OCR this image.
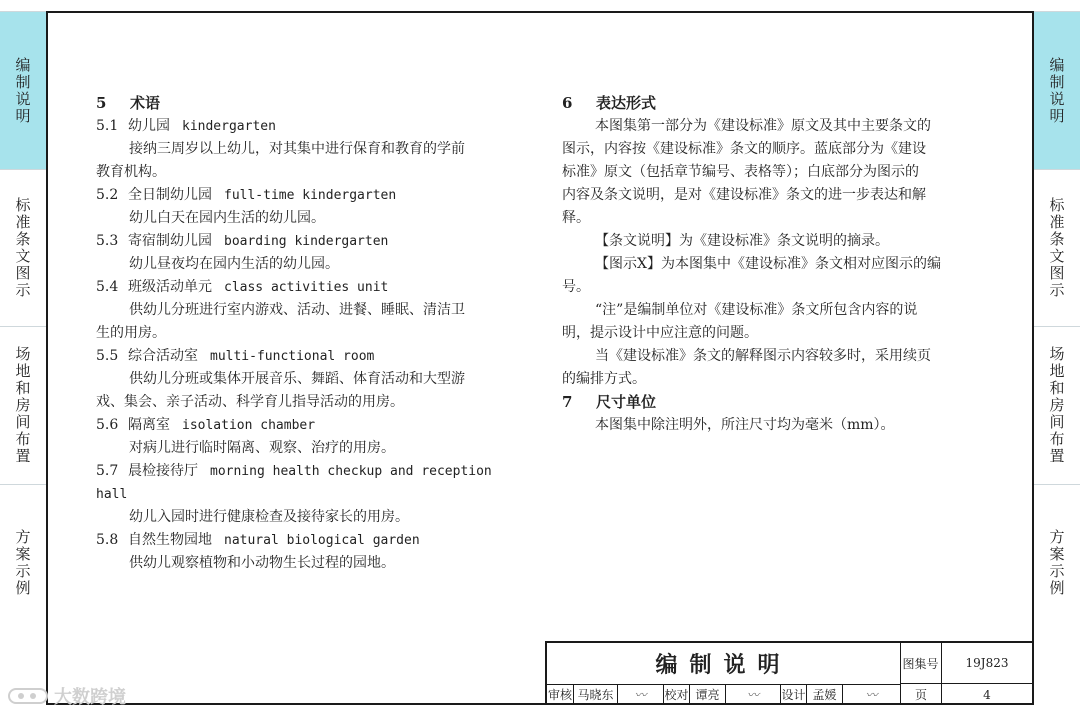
编制说明
标准条文图示
场地和房间布置
方案示例
编制说明
标准条文图示
场地和房间布置
方案示例
5 术语
5.1 幼儿园 kindergarten
接纳三周岁以上幼儿，对其集中进行保育和教育的学前
教育机构。
5.2 全日制幼儿园 full-time kindergarten
幼儿白天在园内生活的幼儿园。
5.3 寄宿制幼儿园 boarding kindergarten
幼儿昼夜均在园内生活的幼儿园。
5.4 班级活动单元 class activities unit
供幼儿分班进行室内游戏、活动、进餐、睡眠、清洁卫
生的用房。
5.5 综合活动室 multi-functional room
供幼儿分班或集体开展音乐、舞蹈、体育活动和大型游
戏、集会、亲子活动、科学育儿指导活动的用房。
5.6 隔离室 isolation chamber
对病儿进行临时隔离、观察、治疗的用房。
5.7 晨检接待厅 morning health checkup and reception
hall
幼儿入园时进行健康检查及接待家长的用房。
5.8 自然生物园地 natural biological garden
供幼儿观察植物和小动物生长过程的园地。
6 表达形式
本图集第一部分为《建设标准》原文及其中主要条文的
图示，内容按《建设标准》条文的顺序。蓝底部分为《建设
标准》原文（包括章节编号、表格等）；白底部分为图示的
内容及条文说明，是对《建设标准》条文的进一步表达和解
释。
【条文说明】为《建设标准》条文说明的摘录。
【图示Ⅹ】为本图集中《建设标准》条文相对应图示的编
号。
“注”是编制单位对《建设标准》条文所包含内容的说
明，提示设计中应注意的问题。
当《建设标准》条文的解释图示内容较多时，采用续页
的编排方式。
7 尺寸单位
本图集中除注明外，所注尺寸均为毫米（mm）。
编制说明	图集号	19J823
审核 马晓东	〰	校对 谭亮	〰	设计 孟媛	〰	页	4
大数跨境
